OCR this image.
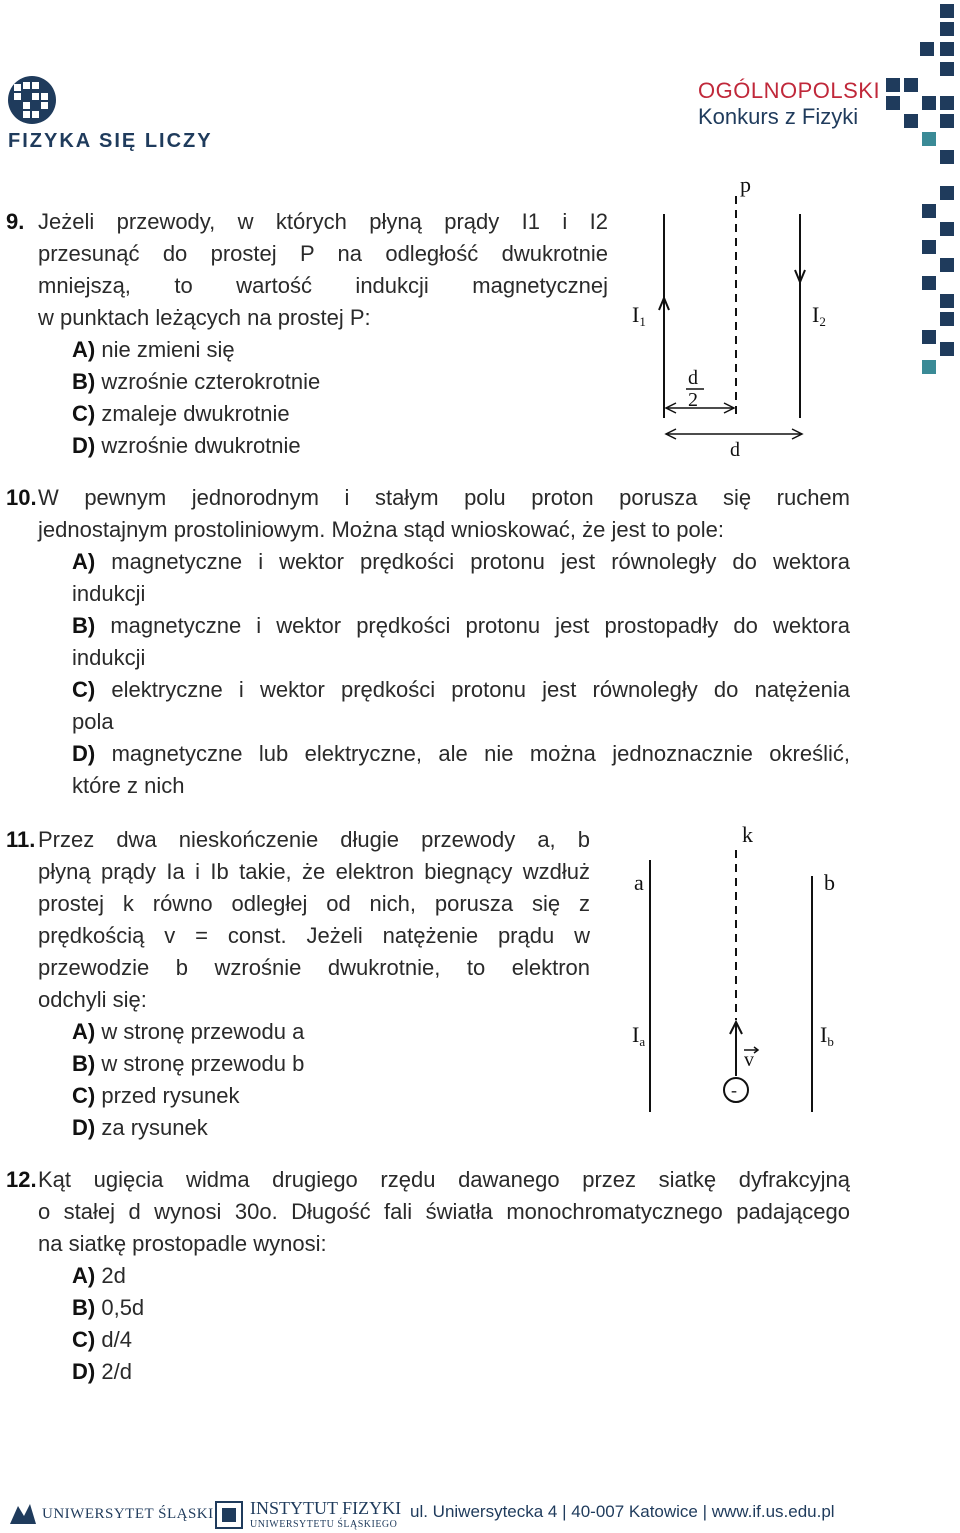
FIZYKA SIĘ LICZY
OGÓLNOPOLSKI
Konkurs z Fizyki
9. Jeżeli przewody, w których płyną prądy I1 i I2
przesunąć do prostej P na odległość dwukrotnie
mniejszą, to wartość indukcji magnetycznej
w punktach leżących na prostej P:
A) nie zmieni się
B) wzrośnie czterokrotnie
C) zmaleje dwukrotnie
D) wzrośnie dwukrotnie
p
I1	I2
d
2
d
10. W pewnym jednorodnym i stałym polu proton porusza się ruchem
jednostajnym prostoliniowym. Można stąd wnioskować, że jest to pole:
A) magnetyczne i wektor prędkości protonu jest równoległy do wektora
indukcji
B) magnetyczne i wektor prędkości protonu jest prostopadły do wektora
indukcji
C) elektryczne i wektor prędkości protonu jest równoległy do natężenia
pola
D) magnetyczne lub elektryczne, ale nie można jednoznacznie określić,
które z nich
11. Przez dwa nieskończenie długie przewody a, b
płyną prądy Ia i Ib takie, że elektron biegnący wzdłuż
prostej k równo odległej od nich, porusza się z
prędkością v = const. Jeżeli natężenie prądu w
przewodzie b wzrośnie dwukrotnie, to elektron
odchyli się:
A) w stronę przewodu a
B) w stronę przewodu b
C) przed rysunek
D) za rysunek
-
k
a	b
Ia	Ib
v
12. Kąt ugięcia widma drugiego rzędu dawanego przez siatkę dyfrakcyjną
o stałej d wynosi 30o. Długość fali światła monochromatycznego padającego
na siatkę prostopadle wynosi:
A) 2d
B) 0,5d
C) d/4
D) 2/d
UNIWERSYTET ŚLĄSKI INSTYTUT FIZYKI
UNIWERSYTETU ŚLĄSKIEGO
ul. Uniwersytecka 4 | 40-007 Katowice | www.if.us.edu.pl
